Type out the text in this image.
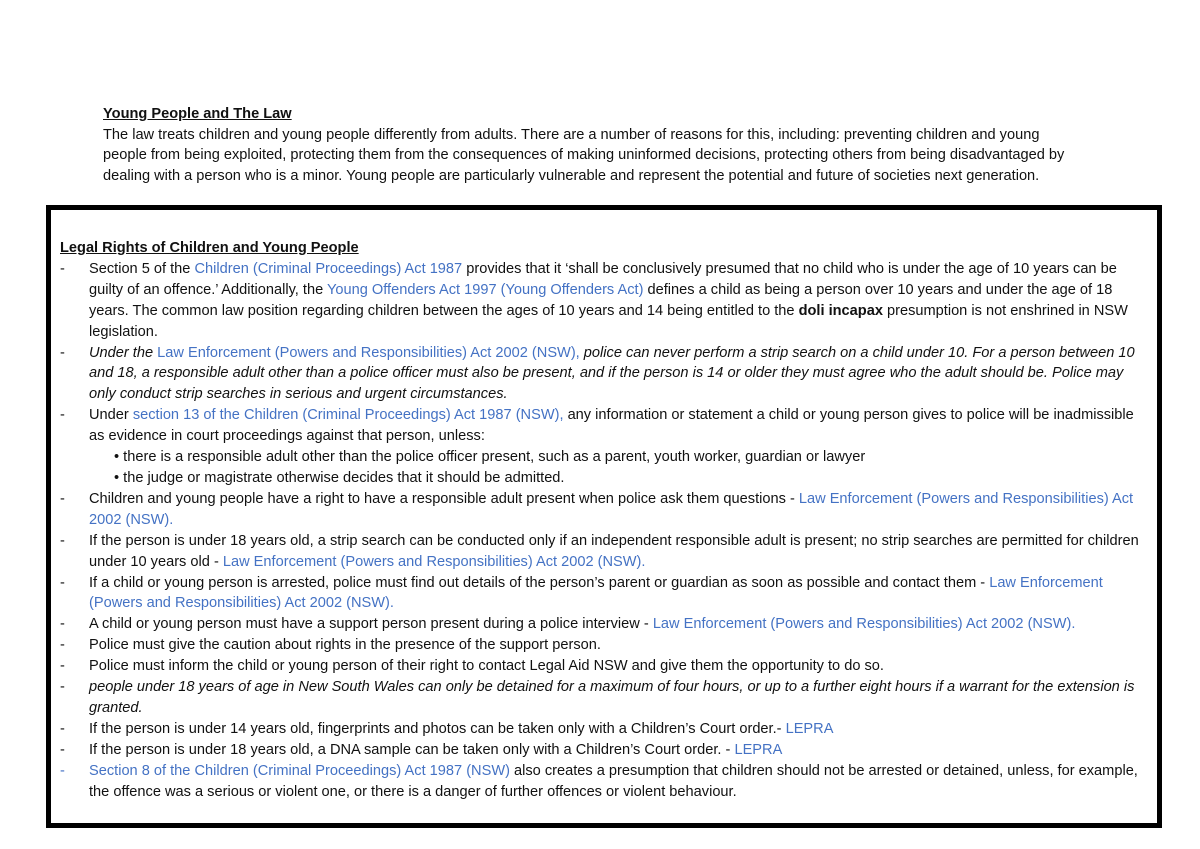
Young People and The Law
The law treats children and young people differently from adults. There are a number of reasons for this, including: preventing children and young people from being exploited, protecting them from the consequences of making uninformed decisions, protecting others from being disadvantaged by dealing with a person who is a minor. Young people are particularly vulnerable and represent the potential and future of societies next generation.
Legal Rights of Children and Young People
- Section 5 of the Children (Criminal Proceedings) Act 1987 provides that it ‘shall be conclusively presumed that no child who is under the age of 10 years can be guilty of an offence.’ Additionally, the Young Offenders Act 1997 (Young Offenders Act) defines a child as being a person over 10 years and under the age of 18 years. The common law position regarding children between the ages of 10 years and 14 being entitled to the doli incapax presumption is not enshrined in NSW legislation.
- Under the Law Enforcement (Powers and Responsibilities) Act 2002 (NSW), police can never perform a strip search on a child under 10. For a person between 10 and 18, a responsible adult other than a police officer must also be present, and if the person is 14 or older they must agree who the adult should be. Police may only conduct strip searches in serious and urgent circumstances.
- Under section 13 of the Children (Criminal Proceedings) Act 1987 (NSW), any information or statement a child or young person gives to police will be inadmissible as evidence in court proceedings against that person, unless:
• there is a responsible adult other than the police officer present, such as a parent, youth worker, guardian or lawyer
• the judge or magistrate otherwise decides that it should be admitted.
- Children and young people have a right to have a responsible adult present when police ask them questions - Law Enforcement (Powers and Responsibilities) Act 2002 (NSW).
- If the person is under 18 years old, a strip search can be conducted only if an independent responsible adult is present; no strip searches are permitted for children under 10 years old - Law Enforcement (Powers and Responsibilities) Act 2002 (NSW).
- If a child or young person is arrested, police must find out details of the person’s parent or guardian as soon as possible and contact them - Law Enforcement (Powers and Responsibilities) Act 2002 (NSW).
- A child or young person must have a support person present during a police interview - Law Enforcement (Powers and Responsibilities) Act 2002 (NSW).
- Police must give the caution about rights in the presence of the support person.
- Police must inform the child or young person of their right to contact Legal Aid NSW and give them the opportunity to do so.
- people under 18 years of age in New South Wales can only be detained for a maximum of four hours, or up to a further eight hours if a warrant for the extension is granted.
- If the person is under 14 years old, fingerprints and photos can be taken only with a Children’s Court order.- LEPRA
- If the person is under 18 years old, a DNA sample can be taken only with a Children’s Court order. - LEPRA
- Section 8 of the Children (Criminal Proceedings) Act 1987 (NSW) also creates a presumption that children should not be arrested or detained, unless, for example, the offence was a serious or violent one, or there is a danger of further offences or violent behaviour.
